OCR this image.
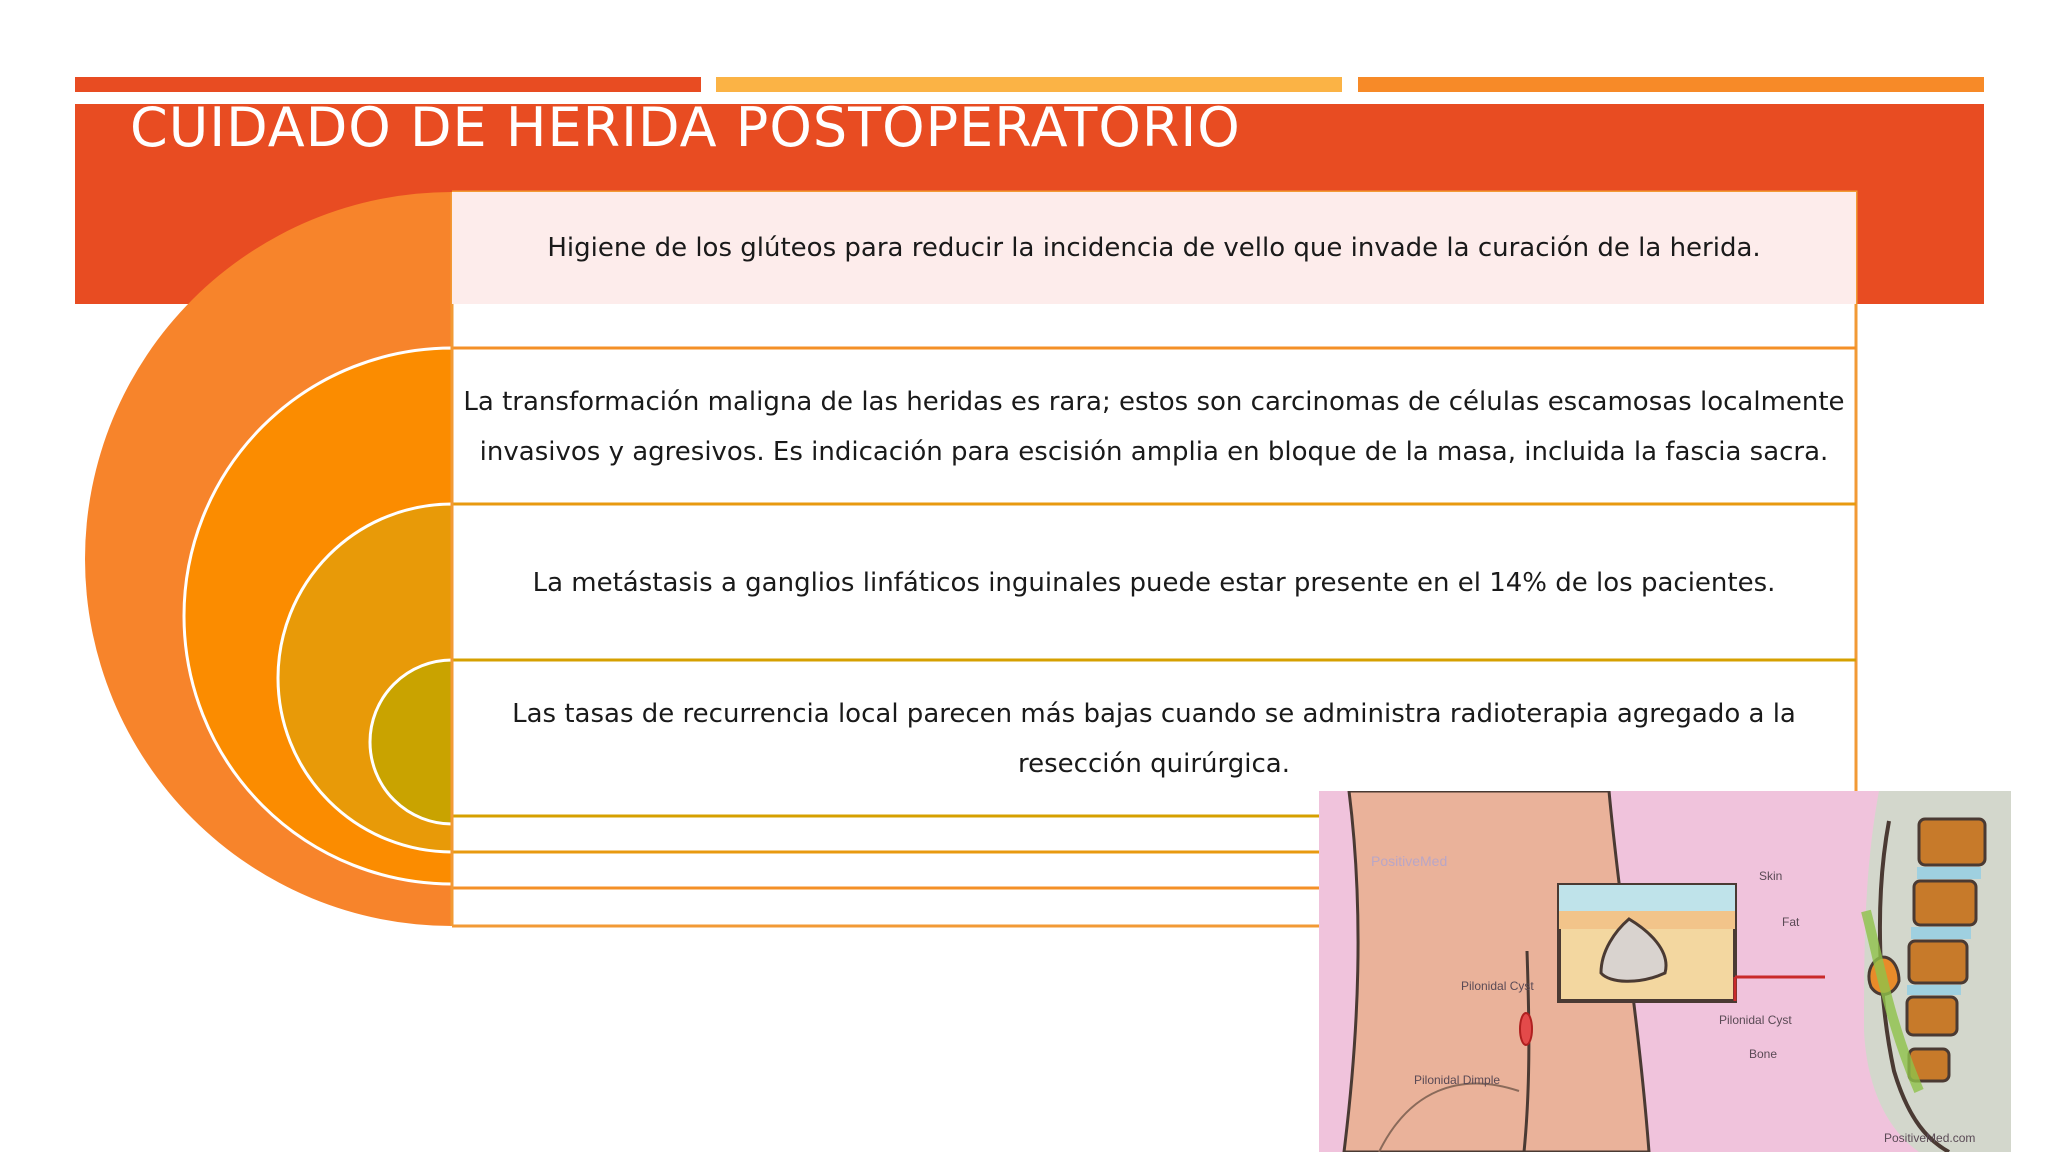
CUIDADO DE HERIDA POSTOPERATORIO
Higiene de los glúteos para reducir la incidencia de vello que invade la curación de la herida.
La transformación maligna de las heridas es rara; estos son carcinomas de células escamosas localmente invasivos y agresivos. Es indicación para escisión amplia en bloque de la masa, incluida la fascia sacra.
La metástasis a ganglios linfáticos inguinales puede estar presente en el 14% de los pacientes.
Las tasas de recurrencia local parecen más bajas cuando se administra radioterapia agregado a la resección quirúrgica.
PositiveMed
Skin
Fat
Pilonidal Cyst
Pilonidal Dimple
Pilonidal Cyst
Bone
PositiveMed.com
